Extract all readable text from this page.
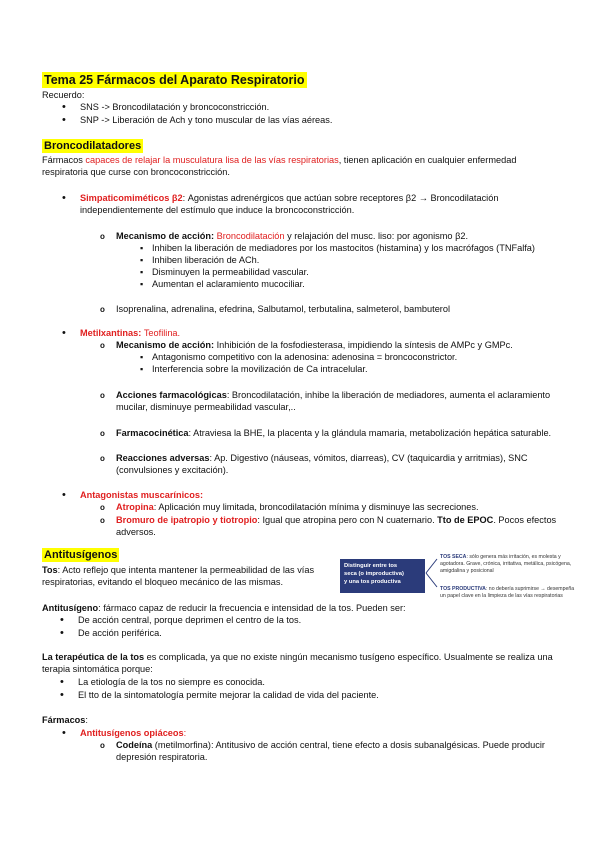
Tema 25 Fármacos del Aparato Respiratorio
Recuerdo:
• SNS -> Broncodilatación y broncoconstricción.
• SNP -> Liberación de Ach y tono muscular de las vías aéreas.
Broncodilatadores
Fármacos capaces de relajar la musculatura lisa de las vías respiratorias, tienen aplicación en cualquier enfermedad
respiratoria que curse con broncoconstricción.
• Simpaticomiméticos β2: Agonistas adrenérgicos que actúan sobre receptores β2 → Broncodilatación
independientemente del estímulo que induce la broncoconstricción.
o Mecanismo de acción: Broncodilatación y relajación del musc. liso: por agonismo β2.
▪ Inhiben la liberación de mediadores por los mastocitos (histamina) y los macrófagos (TNFalfa)
▪ Inhiben liberación de ACh.
▪ Disminuyen la permeabilidad vascular.
▪ Aumentan el aclaramiento mucociliar.
o Isoprenalina, adrenalina, efedrina, Salbutamol, terbutalina, salmeterol, bambuterol
• Metilxantinas: Teofilina.
o Mecanismo de acción: Inhibición de la fosfodiesterasa, impidiendo la síntesis de AMPc y GMPc.
▪ Antagonismo competitivo con la adenosina: adenosina = broncoconstrictor.
▪ Interferencia sobre la movilización de Ca intracelular.
o Acciones farmacológicas: Broncodilatación, inhibe la liberación de mediadores, aumenta el aclaramiento
mucilar, disminuye permeabilidad vascular,..
o Farmacocinética: Atraviesa la BHE, la placenta y la glándula mamaria, metabolización hepática saturable.
o Reacciones adversas: Ap. Digestivo (náuseas, vómitos, diarreas), CV (taquicardia y arritmias), SNC
(convulsiones y excitación).
• Antagonistas muscarínicos:
o Atropina: Aplicación muy limitada, broncodilatación mínima y disminuye las secreciones.
o Bromuro de ipatropio y tiotropio: Igual que atropina pero con N cuaternario. Tto de EPOC. Pocos efectos
adversos.
Antitusígenos
Tos: Acto reflejo que intenta mantener la permeabilidad de las vías
respiratorias, evitando el bloqueo mecánico de las mismas.
Distinguir entre tos
seca (o improductiva)
y una tos productiva
TOS SECA: sólo genera más irritación, es molesta y agotadora. Grave, crónica, irritativa, metálica, psicógena, amigdalina y posicional
TOS PRODUCTIVA: no debería suprimirse → desempeña un papel clave en la limpieza de las vías respiratorias
Antitusígeno: fármaco capaz de reducir la frecuencia e intensidad de la tos. Pueden ser:
• De acción central, porque deprimen el centro de la tos.
• De acción periférica.
La terapéutica de la tos es complicada, ya que no existe ningún mecanismo tusígeno específico. Usualmente se realiza una
terapia sintomática porque:
• La etiología de la tos no siempre es conocida.
• El tto de la sintomatología permite mejorar la calidad de vida del paciente.
Fármacos:
• Antitusígenos opiáceos:
o Codeína (metilmorfina): Antitusivo de acción central, tiene efecto a dosis subanalgésicas. Puede producir
depresión respiratoria.
